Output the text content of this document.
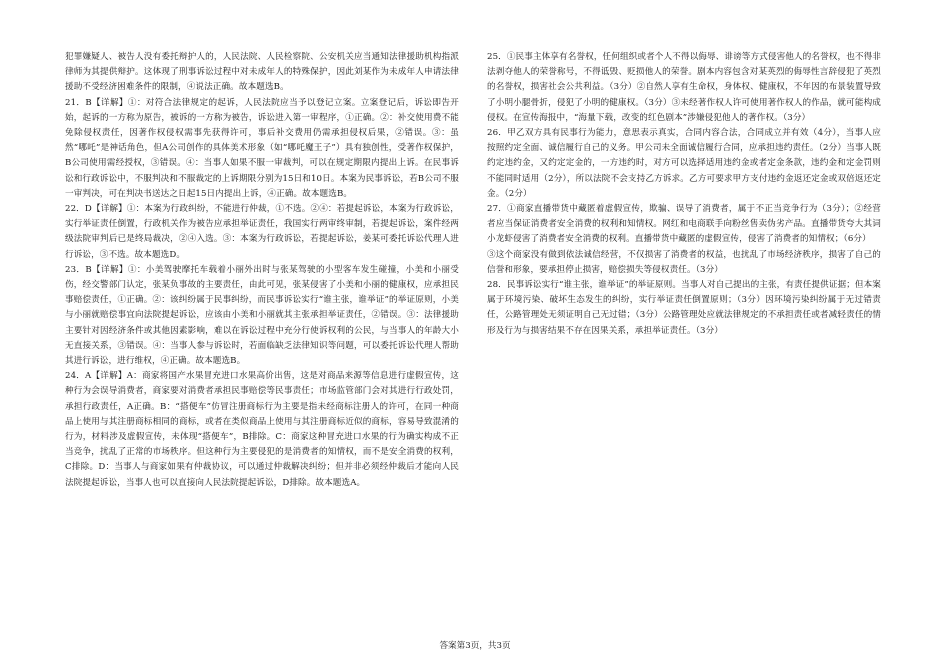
犯罪嫌疑人、被告人没有委托辩护人的，人民法院、人民检察院、公安机关应当通知法律援助机构指派律师为其提供辩护。这体现了刑事诉讼过程中对未成年人的特殊保护，因此刘某作为未成年人申请法律援助不受经济困难条件的限制，④说法正确。故本题选B。

21．B【详解】①：对符合法律规定的起诉，人民法院应当予以登记立案。立案登记后，诉讼即告开始，起诉的一方称为原告，被诉的一方称为被告，诉讼进入第一审程序，①正确。②：补交使用费不能免除侵权责任，因著作权侵权需事先获得许可，事后补交费用仍需承担侵权后果，②错误。③：虽然“哪吒”是神话角色，但A公司创作的具体美术形象（如“哪吒魔王子”）具有独创性，受著作权保护，B公司使用需经授权，③错误。④：当事人如果不服一审裁判，可以在规定期限内提出上诉。在民事诉讼和行政诉讼中，不服判决和不服裁定的上诉期限分别为15日和10日。本案为民事诉讼，若B公司不服一审判决，可在判决书送达之日起15日内提出上诉，④正确。故本题选B。

22．D【详解】①：本案为行政纠纷，不能进行仲裁，①不选。②④：若提起诉讼，本案为行政诉讼，实行举证责任倒置，行政机关作为被告应承担举证责任，我国实行两审终审制，若提起诉讼，案件经两级法院审判后已是终局裁决，②④入选。③：本案为行政诉讼，若提起诉讼，姜某可委托诉讼代理人进行诉讼，③不选。故本题选D。

23．B【详解】①：小美驾驶摩托车载着小丽外出时与张某驾驶的小型客车发生碰撞，小美和小丽受伤，经交警部门认定，张某负事故的主要责任，由此可见，张某侵害了小美和小丽的健康权，应承担民事赔偿责任，①正确。②：该纠纷属于民事纠纷，而民事诉讼实行“谁主张，谁举证”的举证原则，小美与小丽就赔偿事宜向法院提起诉讼，应该由小美和小丽就其主张承担举证责任，②错误。③：法律援助主要针对因经济条件或其他因素影响，难以在诉讼过程中充分行使诉权利的公民，与当事人的年龄大小无直接关系，③错误。④：当事人参与诉讼时，若面临缺乏法律知识等问题，可以委托诉讼代理人帮助其进行诉讼，进行维权，④正确。故本题选B。

24．A【详解】A：商家将国产水果冒充进口水果高价出售，这是对商品来源等信息进行虚假宣传，这种行为会误导消费者，商家要对消费者承担民事赔偿等民事责任；市场监管部门会对其进行行政处罚，承担行政责任，A正确。B：“搭便车”仿冒注册商标行为主要是指未经商标注册人的许可，在同一种商品上使用与其注册商标相同的商标，或者在类似商品上使用与其注册商标近似的商标，容易导致混淆的行为，材料涉及虚假宣传，未体现“搭便车”，B排除。C：商家这种冒充进口水果的行为确实构成不正当竞争，扰乱了正常的市场秩序。但这种行为主要侵犯的是消费者的知情权，而不是安全消费的权利，C排除。D：当事人与商家如果有仲裁协议，可以通过仲裁解决纠纷；但并非必须经仲裁后才能向人民法院提起诉讼，当事人也可以直接向人民法院提起诉讼，D排除。故本题选A。

25．①民事主体享有名誉权，任何组织或者个人不得以侮辱、诽谤等方式侵害他人的名誉权，也不得非法剥夺他人的荣誉称号，不得诋毁、贬损他人的荣誉。剧本内容包含对某英烈的侮辱性言辞侵犯了英烈的名誉权，损害社会公共利益。（3分）②自然人享有生命权，身体权、健康权，不年因的布景装置导致了小明小腿骨折，侵犯了小明的健康权。（3分）③未经著作权人许可使用著作权人的作品，就可能构成侵权。在宣传海报中，“海量下载，改变的红色剧本”涉嫌侵犯他人的著作权。（3分）

26．甲乙双方具有民事行为能力，意思表示真实，合同内容合法，合同成立并有效（4分），当事人应按照约定全面、诚信履行自己的义务。甲公司未全面诚信履行合同，应承担违约责任。（2分）当事人既约定违约金，又约定定金的，一方违约时，对方可以选择适用违约金或者定金条款，违约金和定金罚则不能同时适用（2分），所以法院不会支持乙方诉求。乙方可要求甲方支付违约金返还定金或双倍返还定金。（2分）

27．①商家直播带货中藏匿着虚假宣传，欺骗、误导了消费者，属于不正当竞争行为（3分）；②经营者应当保证消费者安全消费的权利和知情权。网红和电商联手向粉丝售卖伪劣产品。直播带货夸大其词小龙虾侵害了消费者安全消费的权利。直播带货中藏匿的虚假宣传，侵害了消费者的知情权；（6分）

③这个商家没有做到依法诚信经营，不仅损害了消费者的权益，也扰乱了市场经济秩序，损害了自己的信誉和形象，要承担停止损害，赔偿损失等侵权责任。（3分）

28．民事诉讼实行“谁主张，谁举证”的举证原则。当事人对自己提出的主张，有责任提供证据；但本案属于环境污染、破坏生态发生的纠纷，实行举证责任倒置原则；（3分）因环境污染纠纷属于无过错责任，公路管理处无须证明自己无过错；（3分）公路管理处应就法律规定的不承担责任或者减轻责任的情形及行为与损害结果不存在因果关系，承担举证责任。（3分）

答案第3页，共3页
